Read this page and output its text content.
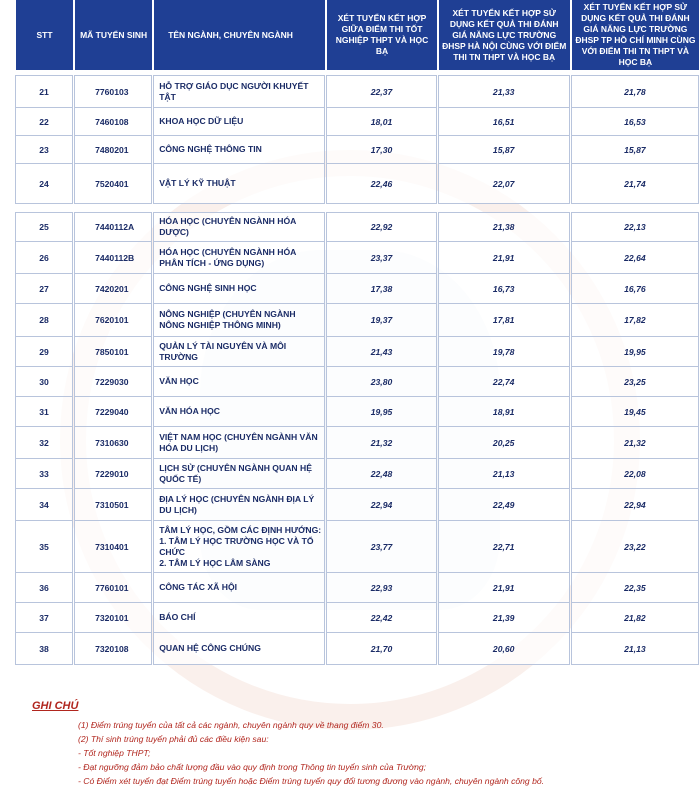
STT	MÃ TUYỂN SINH	TÊN NGÀNH, CHUYÊN NGÀNH	XÉT TUYỂN KẾT HỢP GIỮA ĐIỂM THI TỐT NGHIỆP THPT VÀ HỌC BẠ	XÉT TUYỂN KẾT HỢP SỬ DỤNG KẾT QUẢ THI ĐÁNH GIÁ NĂNG LỰC TRƯỜNG ĐHSP HÀ NỘI CÙNG VỚI ĐIỂM THI TN THPT VÀ HỌC BẠ	XÉT TUYỂN KẾT HỢP SỬ DỤNG KẾT QUẢ THI ĐÁNH GIÁ NĂNG LỰC TRƯỜNG ĐHSP TP HỒ CHÍ MINH CÙNG VỚI ĐIỂM THI TN THPT VÀ HỌC BẠ

21	7760103	HỖ TRỢ GIÁO DỤC NGƯỜI KHUYẾT TẬT	22,37	21,33	21,78
22	7460108	KHOA HỌC DỮ LIỆU	18,01	16,51	16,53
23	7480201	CÔNG NGHỆ THÔNG TIN	17,30	15,87	15,87
24	7520401	VẬT LÝ KỸ THUẬT	22,46	22,07	21,74

25	7440112A	HÓA HỌC (CHUYÊN NGÀNH HÓA DƯỢC)	22,92	21,38	22,13
26	7440112B	HÓA HỌC (CHUYÊN NGÀNH HÓA PHÂN TÍCH - ỨNG DỤNG)	23,37	21,91	22,64
27	7420201	CÔNG NGHỆ SINH HỌC	17,38	16,73	16,76
28	7620101	NÔNG NGHIỆP (CHUYÊN NGÀNH NÔNG NGHIỆP THÔNG MINH)	19,37	17,81	17,82
29	7850101	QUẢN LÝ TÀI NGUYÊN VÀ MÔI TRƯỜNG	21,43	19,78	19,95
30	7229030	VĂN HỌC	23,80	22,74	23,25
31	7229040	VĂN HÓA HỌC	19,95	18,91	19,45
32	7310630	VIỆT NAM HỌC (CHUYÊN NGÀNH VĂN HÓA DU LỊCH)	21,32	20,25	21,32
33	7229010	LỊCH SỬ (CHUYÊN NGÀNH QUAN HỆ QUỐC TẾ)	22,48	21,13	22,08
34	7310501	ĐỊA LÝ HỌC (CHUYÊN NGÀNH ĐỊA LÝ DU LỊCH)	22,94	22,49	22,94
35	7310401	TÂM LÝ HỌC, GỒM CÁC ĐỊNH HƯỚNG:
1. TÂM LÝ HỌC TRƯỜNG HỌC VÀ TỔ CHỨC
2. TÂM LÝ HỌC LÂM SÀNG	23,77	22,71	23,22
36	7760101	CÔNG TÁC XÃ HỘI	22,93	21,91	22,35
37	7320101	BÁO CHÍ	22,42	21,39	21,82
38	7320108	QUAN HỆ CÔNG CHÚNG	21,70	20,60	21,13
GHI CHÚ
(1) Điểm trúng tuyển của tất cả các ngành, chuyên ngành quy về thang điểm 30.
(2) Thí sinh trúng tuyển phải đủ các điều kiện sau:
- Tốt nghiệp THPT;
- Đạt ngưỡng đảm bảo chất lượng đầu vào quy định trong Thông tin tuyển sinh của Trường;
- Có Điểm xét tuyển đạt Điểm trúng tuyển hoặc Điểm trúng tuyển quy đổi tương đương vào ngành, chuyên ngành công bố.
